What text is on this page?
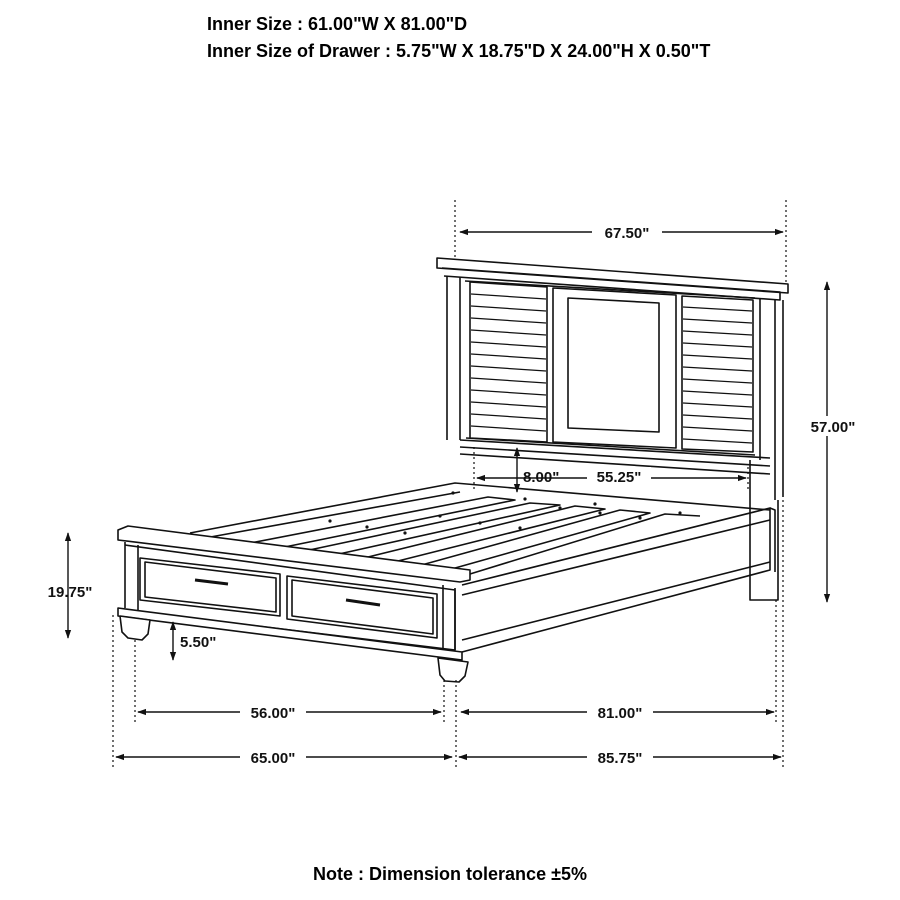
Inner Size : 61.00"W X 81.00"D
Inner Size of Drawer : 5.75"W X 18.75"D X 24.00"H X 0.50"T
67.50"
57.00"
8.00" 55.25"
19.75"
5.50"
56.00"	81.00"
65.00"	85.75"
Note : Dimension tolerance ±5%
